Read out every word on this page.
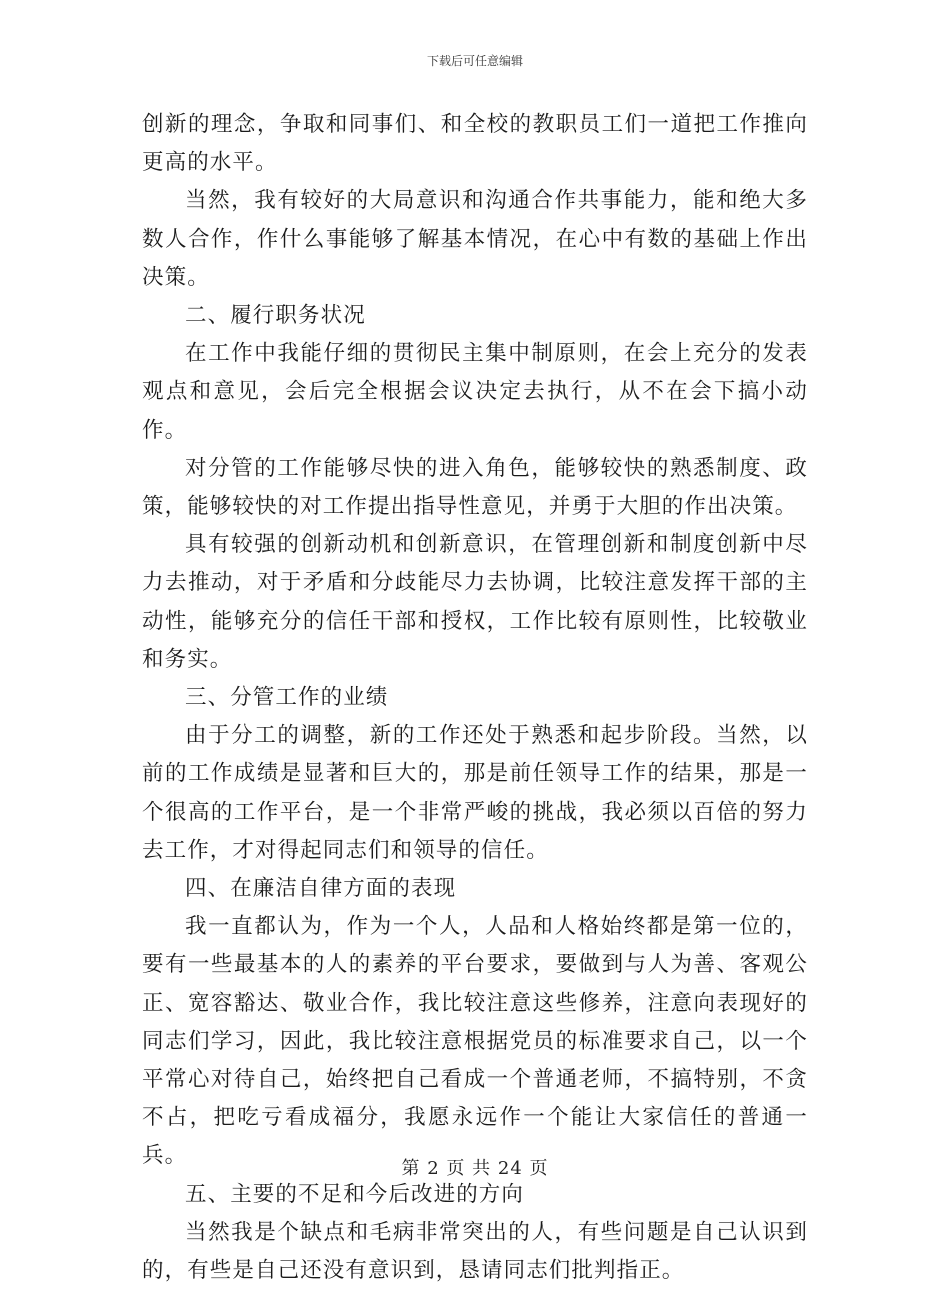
下载后可任意编辑

创新的理念，争取和同事们、和全校的教职员工们一道把工作推向更高的水平。

当然，我有较好的大局意识和沟通合作共事能力，能和绝大多数人合作，作什么事能够了解基本情况，在心中有数的基础上作出决策。

二、履行职务状况

在工作中我能仔细的贯彻民主集中制原则，在会上充分的发表观点和意见，会后完全根据会议决定去执行，从不在会下搞小动作。

对分管的工作能够尽快的进入角色，能够较快的熟悉制度、政策，能够较快的对工作提出指导性意见，并勇于大胆的作出决策。

具有较强的创新动机和创新意识，在管理创新和制度创新中尽力去推动，对于矛盾和分歧能尽力去协调，比较注意发挥干部的主动性，能够充分的信任干部和授权，工作比较有原则性，比较敬业和务实。

三、分管工作的业绩

由于分工的调整，新的工作还处于熟悉和起步阶段。当然，以前的工作成绩是显著和巨大的，那是前任领导工作的结果，那是一个很高的工作平台，是一个非常严峻的挑战，我必须以百倍的努力去工作，才对得起同志们和领导的信任。

四、在廉洁自律方面的表现

我一直都认为，作为一个人，人品和人格始终都是第一位的，要有一些最基本的人的素养的平台要求，要做到与人为善、客观公正、宽容豁达、敬业合作，我比较注意这些修养，注意向表现好的同志们学习，因此，我比较注意根据党员的标准要求自己，以一个平常心对待自己，始终把自己看成一个普通老师，不搞特别，不贪不占，把吃亏看成福分，我愿永远作一个能让大家信任的普通一兵。

五、主要的不足和今后改进的方向

当然我是个缺点和毛病非常突出的人，有些问题是自己认识到的，有些是自己还没有意识到，恳请同志们批判指正。

第 2 页 共 24 页
